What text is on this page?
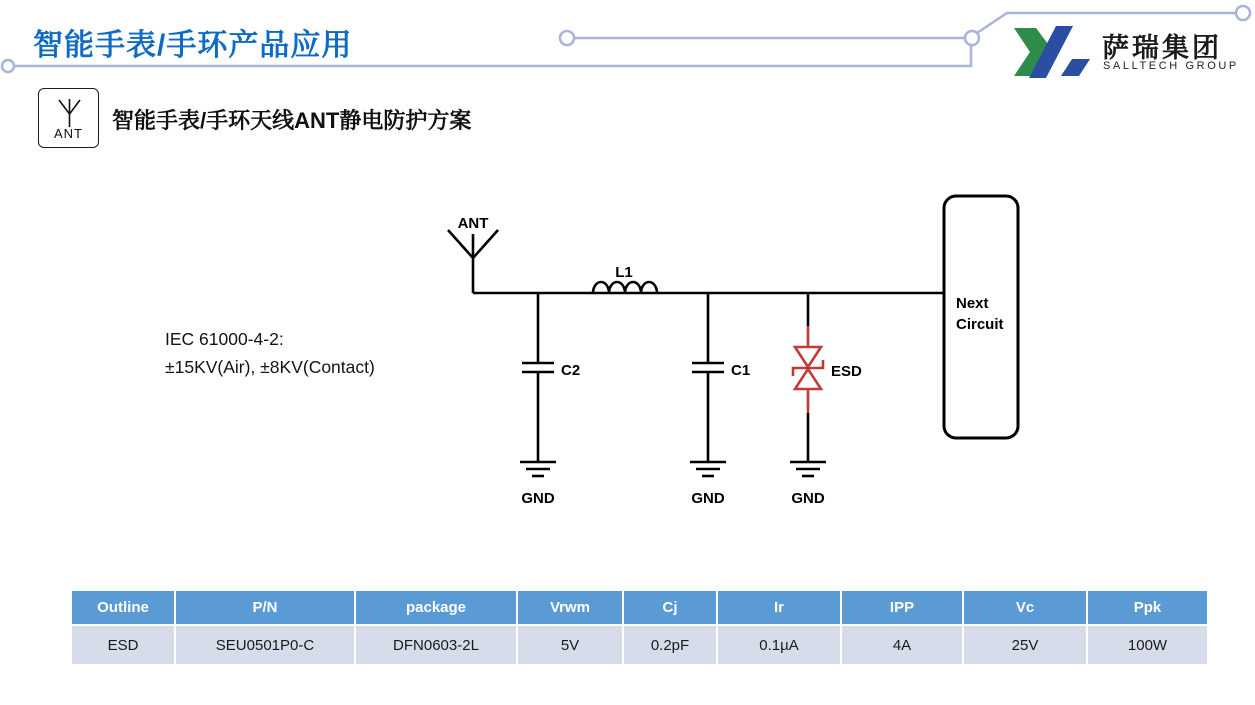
智能手表/手环产品应用	萨瑞集团
SALLTECH GROUP
ANT
智能手表/手环天线ANT静电防护方案
IEC 61000-4-2:
±15KV(Air), ±8KV(Contact)
ANT
L1
C2
GND
C1
GND
ESD
GND
Next
Circuit
Outline	P/N	package	Vrwm	Cj	Ir	IPP	Vc	Ppk
ESD	SEU0501P0-C	DFN0603-2L	5V	0.2pF	0.1µA	4A	25V	100W
